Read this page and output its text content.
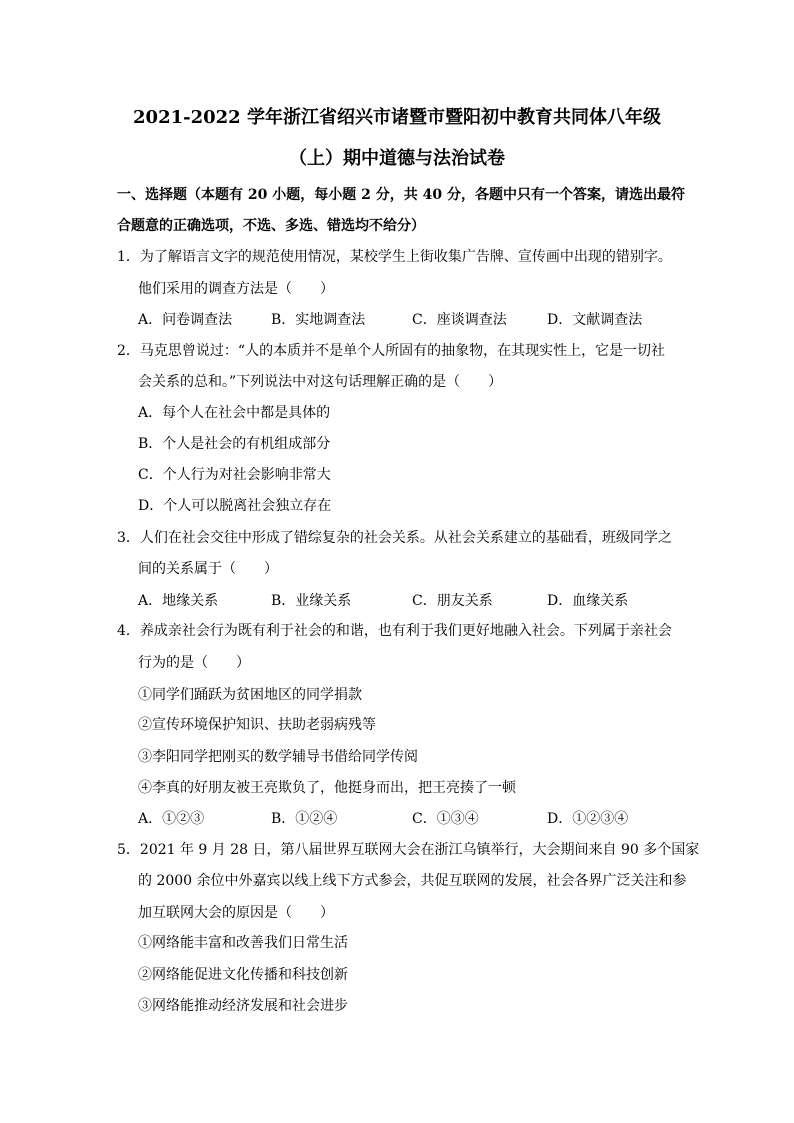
2021-2022 学年浙江省绍兴市诸暨市暨阳初中教育共同体八年级
（上）期中道德与法治试卷
一、选择题（本题有 20 小题，每小题 2 分，共 40 分，各题中只有一个答案，请选出最符
合题意的正确选项，不选、多选、错选均不给分）
1．为了解语言文字的规范使用情况，某校学生上街收集广告牌、宣传画中出现的错别字。
他们采用的调查方法是（　　）
A．问卷调查法	B．实地调查法	C．座谈调查法	D．文献调查法
2．马克思曾说过：“人的本质并不是单个人所固有的抽象物，在其现实性上，它是一切社
会关系的总和。”下列说法中对这句话理解正确的是（　　）
A．每个人在社会中都是具体的
B．个人是社会的有机组成部分
C．个人行为对社会影响非常大
D．个人可以脱离社会独立存在
3．人们在社会交往中形成了错综复杂的社会关系。从社会关系建立的基础看，班级同学之
间的关系属于（　　）
A．地缘关系	B．业缘关系	C．朋友关系	D．血缘关系
4．养成亲社会行为既有利于社会的和谐，也有利于我们更好地融入社会。下列属于亲社会
行为的是（　　）
①同学们踊跃为贫困地区的同学捐款
②宣传环境保护知识、扶助老弱病残等
③李阳同学把刚买的数学辅导书借给同学传阅
④李真的好朋友被王亮欺负了，他挺身而出，把王亮揍了一顿
A．①②③	B．①②④	C．①③④	D．①②③④
5．2021 年 9 月 28 日，第八届世界互联网大会在浙江乌镇举行，大会期间来自 90 多个国家
的 2000 余位中外嘉宾以线上线下方式参会，共促互联网的发展，社会各界广泛关注和参
加互联网大会的原因是（　　）
①网络能丰富和改善我们日常生活
②网络能促进文化传播和科技创新
③网络能推动经济发展和社会进步
